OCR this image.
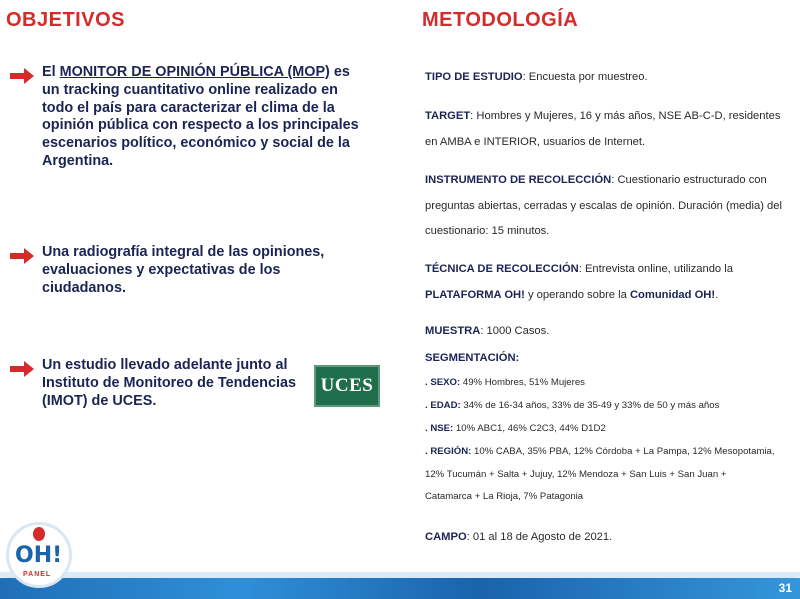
OBJETIVOS	METODOLOGÍA
El MONITOR DE OPINIÓN PÚBLICA (MOP) es un tracking cuantitativo online realizado en todo el país para caracterizar el clima de la opinión pública con respecto a los principales escenarios político, económico y social de la Argentina.
Una radiografía integral de las opiniones, evaluaciones y expectativas de los ciudadanos.
Un estudio llevado adelante junto al Instituto de Monitoreo de Tendencias (IMOT) de UCES.
UCES
TIPO DE ESTUDIO: Encuesta por muestreo.
TARGET: Hombres y Mujeres, 16 y más años, NSE AB-C-D, residentes en AMBA e INTERIOR, usuarios de Internet.
INSTRUMENTO DE RECOLECCIÓN: Cuestionario estructurado con preguntas abiertas, cerradas y escalas de opinión. Duración (media) del cuestionario: 15 minutos.
TÉCNICA DE RECOLECCIÓN: Entrevista online, utilizando la PLATAFORMA OH! y operando sobre la Comunidad OH!.
MUESTRA: 1000 Casos.
SEGMENTACIÓN:
. SEXO: 49% Hombres, 51% Mujeres
. EDAD: 34% de 16-34 años, 33% de 35-49 y 33% de 50 y más años
. NSE: 10% ABC1, 46% C2C3, 44% D1D2
. REGIÓN: 10% CABA, 35% PBA, 12% Córdoba + La Pampa, 12% Mesopotamia, 12% Tucumán + Salta + Jujuy, 12% Mendoza + San Luis + San Juan + Catamarca + La Rioja, 7% Patagonia
CAMPO: 01 al 18 de Agosto de 2021.
31
OH!
PANEL
